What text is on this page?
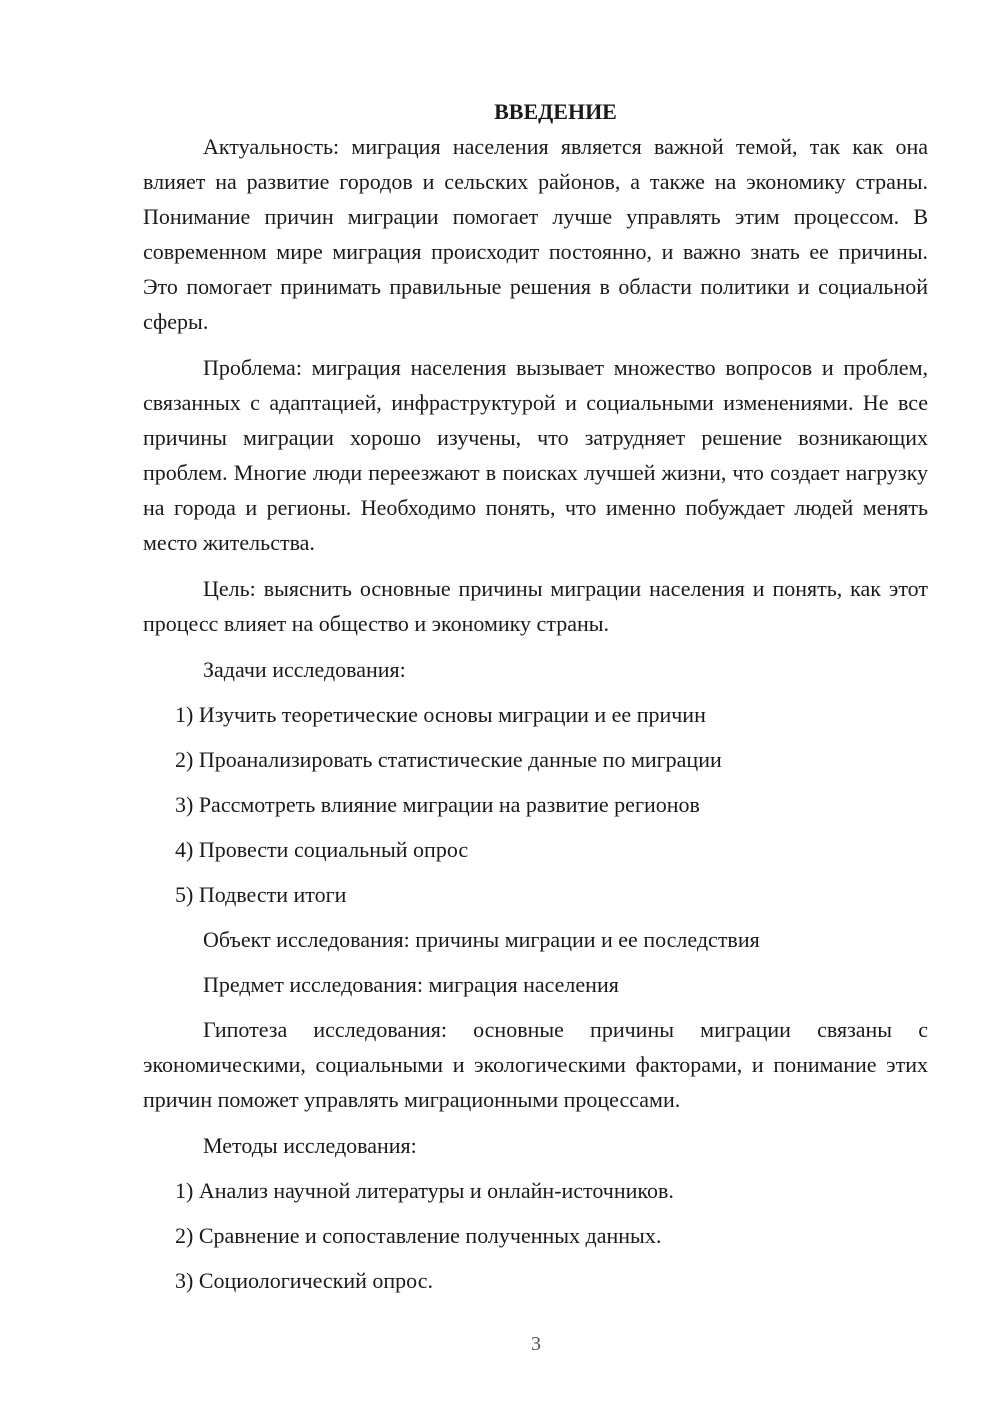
ВВЕДЕНИЕ

Актуальность: миграция населения является важной темой, так как она влияет на развитие городов и сельских районов, а также на экономику страны. Понимание причин миграции помогает лучше управлять этим процессом. В современном мире миграция происходит постоянно, и важно знать ее причины. Это помогает принимать правильные решения в области политики и социальной сферы.

Проблема: миграция населения вызывает множество вопросов и проблем, связанных с адаптацией, инфраструктурой и социальными изменениями. Не все причины миграции хорошо изучены, что затрудняет решение возникающих проблем. Многие люди переезжают в поисках лучшей жизни, что создает нагрузку на города и регионы. Необходимо понять, что именно побуждает людей менять место жительства.

Цель: выяснить основные причины миграции населения и понять, как этот процесс влияет на общество и экономику страны.

Задачи исследования:
1) Изучить теоретические основы миграции и ее причин
2) Проанализировать статистические данные по миграции
3) Рассмотреть влияние миграции на развитие регионов
4) Провести социальный опрос
5) Подвести итоги
Объект исследования: причины миграции и ее последствия
Предмет исследования: миграция населения

Гипотеза исследования: основные причины миграции связаны с экономическими, социальными и экологическими факторами, и понимание этих причин поможет управлять миграционными процессами.

Методы исследования:
1) Анализ научной литературы и онлайн-источников.
2) Сравнение и сопоставление полученных данных.
3) Социологический опрос.
3
